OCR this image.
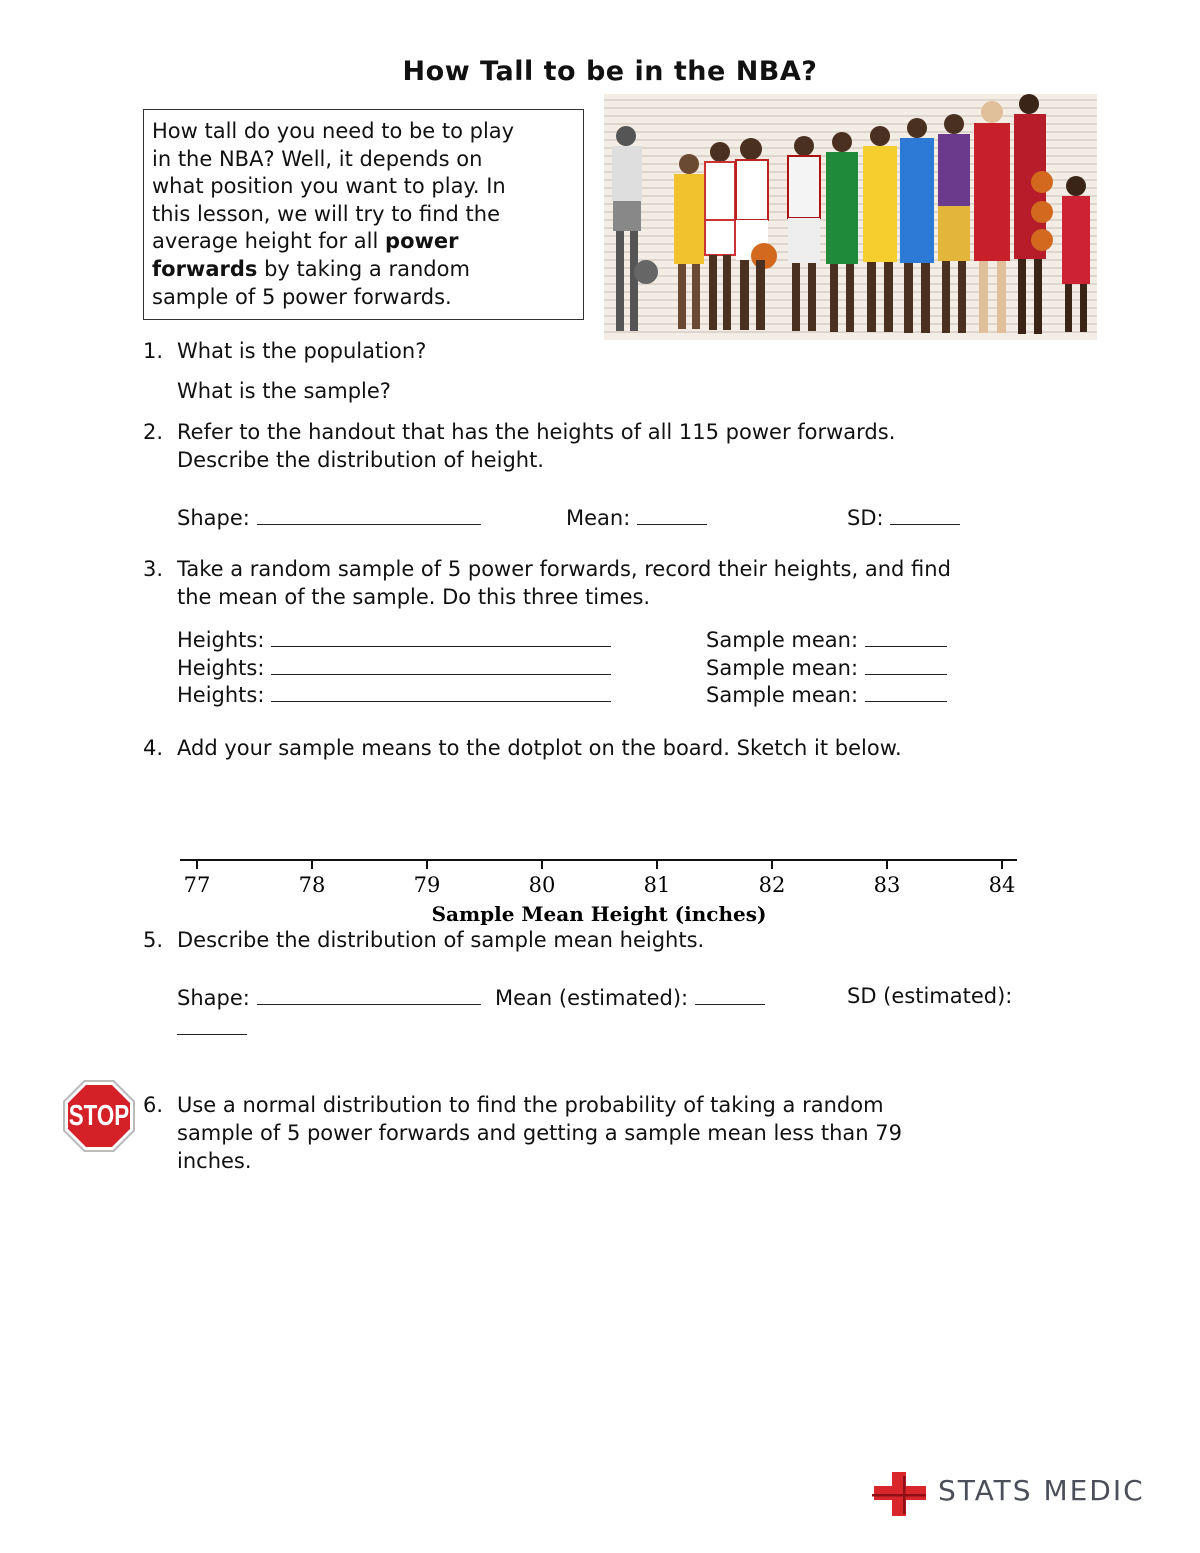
How Tall to be in the NBA?
How tall do you need to be to play
in the NBA? Well, it depends on
what position you want to play. In
this lesson, we will try to find the
average height for all power
forwards by taking a random
sample of 5 power forwards.
1. What is the population?
What is the sample?
2. Refer to the handout that has the heights of all 115 power forwards.
Describe the distribution of height.
Shape:	Mean:	SD:
3. Take a random sample of 5 power forwards, record their heights, and find
the mean of the sample. Do this three times.
Heights:	Sample mean:
Heights:	Sample mean:
Heights:	Sample mean:
4. Add your sample means to the dotplot on the board. Sketch it below.
77	78	79	80	81	82	83	84
Sample Mean Height (inches)
5. Describe the distribution of sample mean heights.
Shape:	Mean (estimated):	SD (estimated):
STOP 6. Use a normal distribution to find the probability of taking a random
sample of 5 power forwards and getting a sample mean less than 79
inches.
STATS MEDIC
